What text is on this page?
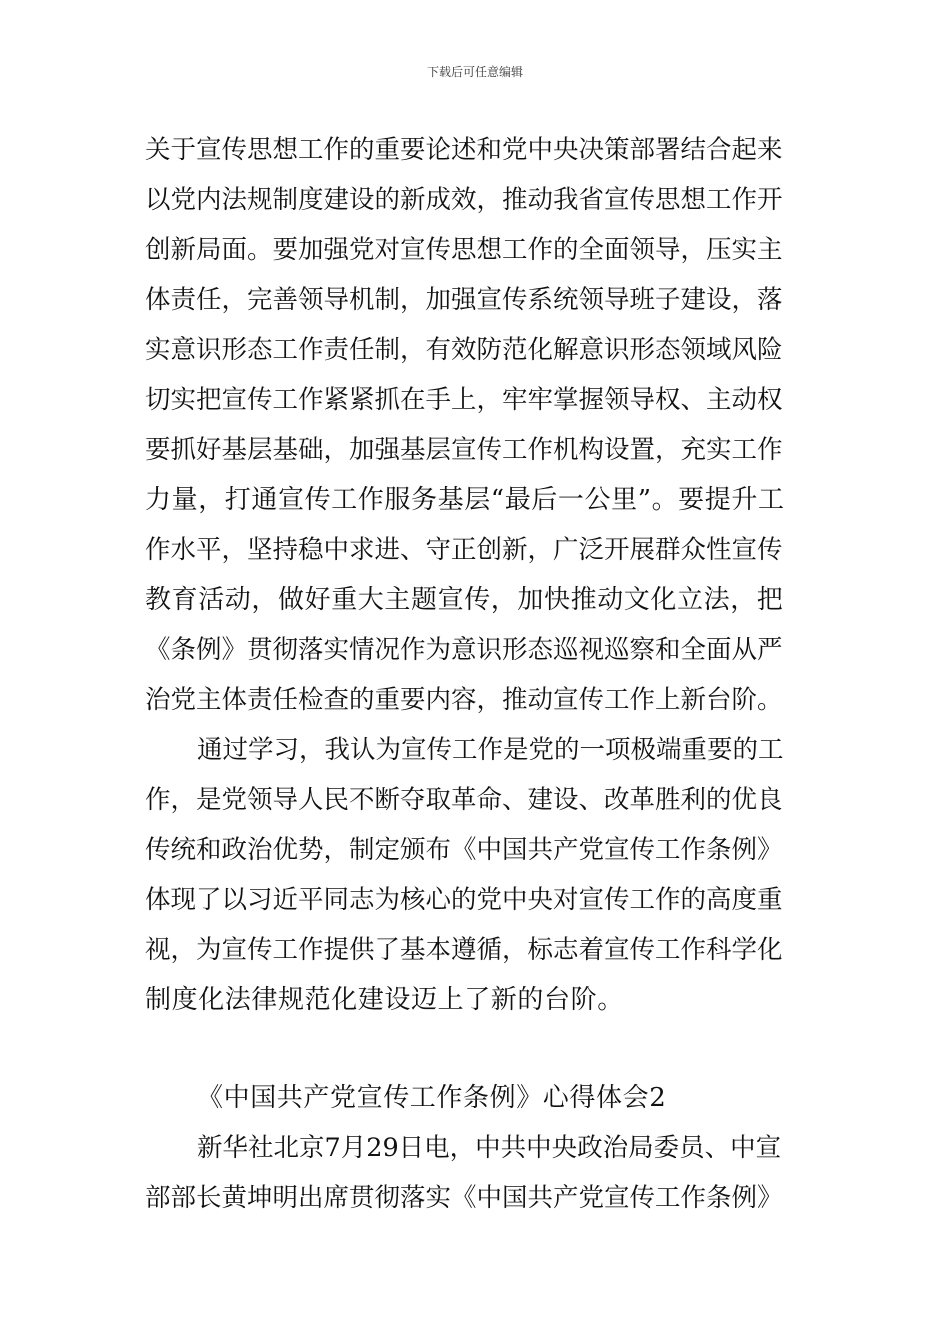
下载后可任意编辑
关于宣传思想工作的重要论述和党中央决策部署结合起来
以党内法规制度建设的新成效，推动我省宣传思想工作开
创新局面。要加强党对宣传思想工作的全面领导，压实主
体责任，完善领导机制，加强宣传系统领导班子建设，落
实意识形态工作责任制，有效防范化解意识形态领域风险
切实把宣传工作紧紧抓在手上，牢牢掌握领导权、主动权
要抓好基层基础，加强基层宣传工作机构设置，充实工作
力量，打通宣传工作服务基层“最后一公里”。要提升工
作水平，坚持稳中求进、守正创新，广泛开展群众性宣传
教育活动，做好重大主题宣传，加快推动文化立法，把
《条例》贯彻落实情况作为意识形态巡视巡察和全面从严
治党主体责任检查的重要内容，推动宣传工作上新台阶。
通过学习，我认为宣传工作是党的一项极端重要的工
作，是党领导人民不断夺取革命、建设、改革胜利的优良
传统和政治优势，制定颁布《中国共产党宣传工作条例》
体现了以习近平同志为核心的党中央对宣传工作的高度重
视，为宣传工作提供了基本遵循，标志着宣传工作科学化
制度化法律规范化建设迈上了新的台阶。
《中国共产党宣传工作条例》心得体会2
新华社北京7月29日电，中共中央政治局委员、中宣
部部长黄坤明出席贯彻落实《中国共产党宣传工作条例》
